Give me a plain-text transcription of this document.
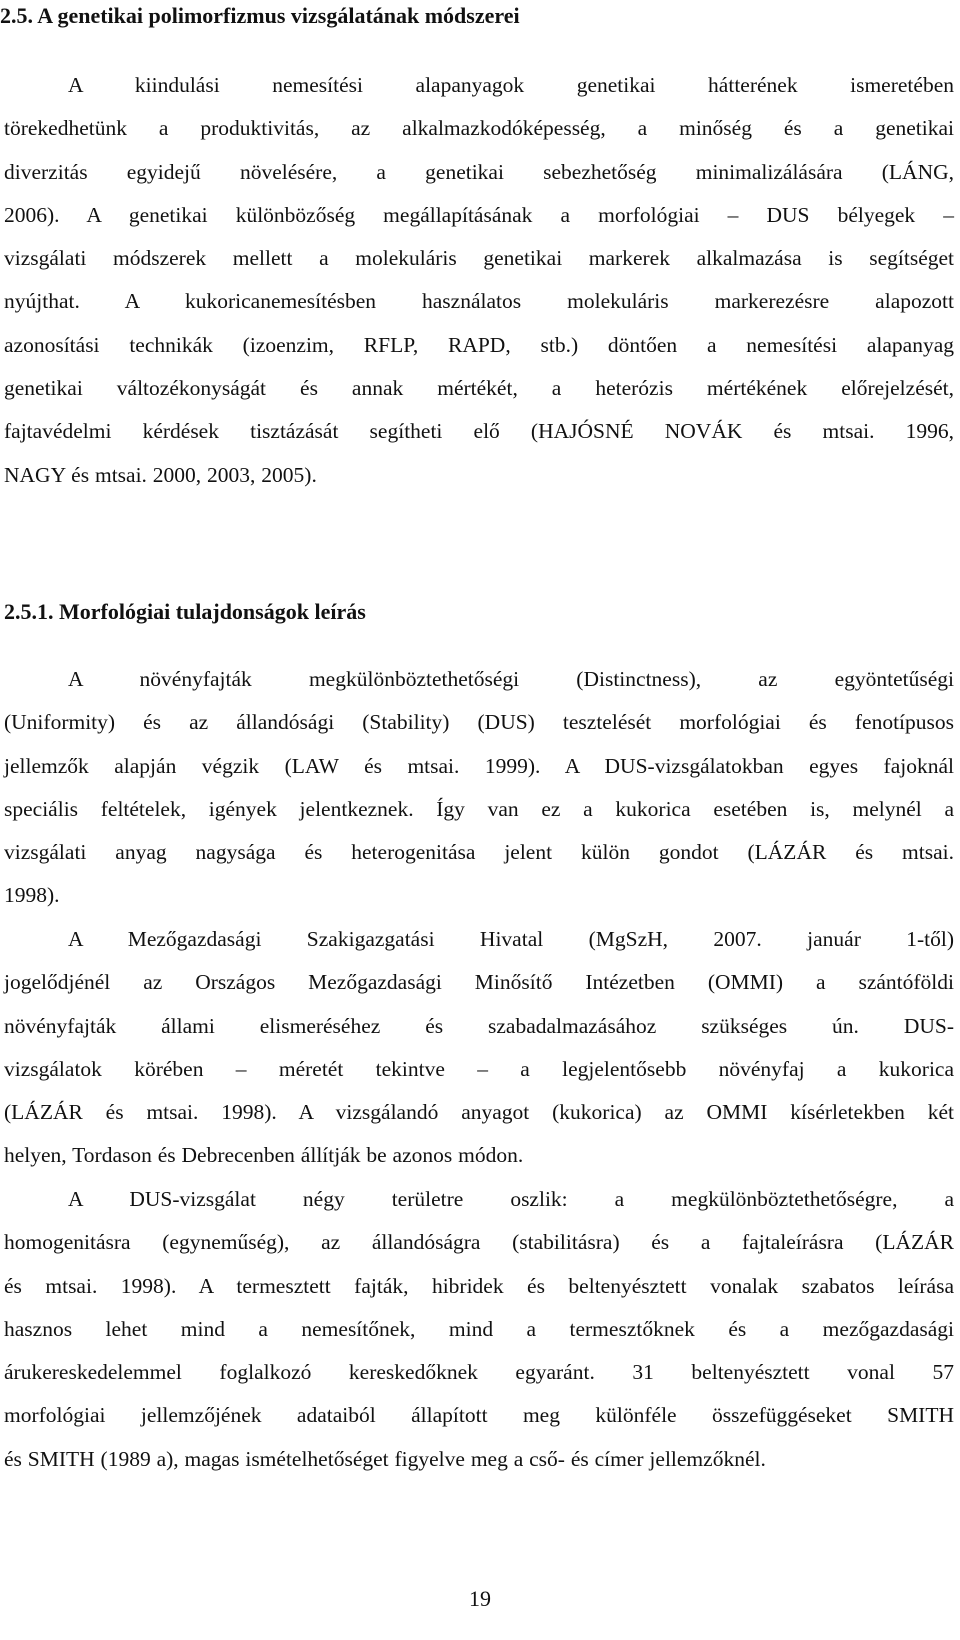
2.5. A genetikai polimorfizmus vizsgálatának módszerei
A kiindulási nemesítési alapanyagok genetikai hátterének ismeretében
törekedhetünk a produktivitás, az alkalmazkodóképesség, a minőség és a genetikai
diverzitás egyidejű növelésére, a genetikai sebezhetőség minimalizálására (LÁNG,
2006). A genetikai különbözőség megállapításának a morfológiai – DUS bélyegek –
vizsgálati módszerek mellett a molekuláris genetikai markerek alkalmazása is segítséget
nyújthat. A kukoricanemesítésben használatos molekuláris markerezésre alapozott
azonosítási technikák (izoenzim, RFLP, RAPD, stb.) döntően a nemesítési alapanyag
genetikai változékonyságát és annak mértékét, a heterózis mértékének előrejelzését,
fajtavédelmi kérdések tisztázását segítheti elő (HAJÓSNÉ NOVÁK és mtsai. 1996,
NAGY és mtsai. 2000, 2003, 2005).
2.5.1. Morfológiai tulajdonságok leírás
A növényfajták megkülönböztethetőségi (Distinctness), az egyöntetűségi
(Uniformity) és az állandósági (Stability) (DUS) tesztelését morfológiai és fenotípusos
jellemzők alapján végzik (LAW és mtsai. 1999). A DUS-vizsgálatokban egyes fajoknál
speciális feltételek, igények jelentkeznek. Így van ez a kukorica esetében is, melynél a
vizsgálati anyag nagysága és heterogenitása jelent külön gondot (LÁZÁR és mtsai.
1998).
A Mezőgazdasági Szakigazgatási Hivatal (MgSzH, 2007. január 1-től)
jogelődjénél az Országos Mezőgazdasági Minősítő Intézetben (OMMI) a szántóföldi
növényfajták állami elismeréséhez és szabadalmazásához szükséges ún. DUS-
vizsgálatok körében – méretét tekintve – a legjelentősebb növényfaj a kukorica
(LÁZÁR és mtsai. 1998). A vizsgálandó anyagot (kukorica) az OMMI kísérletekben két
helyen, Tordason és Debrecenben állítják be azonos módon.
A DUS-vizsgálat négy területre oszlik: a megkülönböztethetőségre, a
homogenitásra (egyneműség), az állandóságra (stabilitásra) és a fajtaleírásra (LÁZÁR
és mtsai. 1998). A termesztett fajták, hibridek és beltenyésztett vonalak szabatos leírása
hasznos lehet mind a nemesítőnek, mind a termesztőknek és a mezőgazdasági
árukereskedelemmel foglalkozó kereskedőknek egyaránt. 31 beltenyésztett vonal 57
morfológiai jellemzőjének adataiból állapított meg különféle összefüggéseket SMITH
és SMITH (1989 a), magas ismételhetőséget figyelve meg a cső- és címer jellemzőknél.
19
